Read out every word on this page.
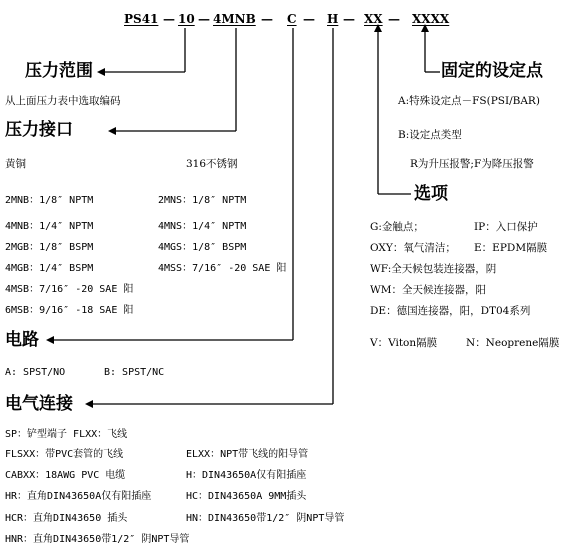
PS41 — 10 — 4MNB — C — H — XX — XXXX
压力范围
从上面压力表中选取编码
固定的设定点
A:特殊设定点－FS(PSI/BAR)
B:设定点类型
R为升压报警;F为降压报警
压力接口
黄铜	316不锈钢
2MNB：1/8″ NPTM	2MNS：1/8″ NPTM
4MNB：1/4″ NPTM	4MNS：1/4″ NPTM
2MGB：1/8″ BSPM	4MGS：1/8″ BSPM
4MGB：1/4″ BSPM	4MSS：7/16″ -20 SAE 阳
4MSB：7/16″ -20 SAE 阳
6MSB：9/16″ -18 SAE 阳
选项
G:金触点；	IP：入口保护
OXY：氧气清洁； E：EPDM隔膜
WF:全天候包装连接器，阴
WM：全天候连接器，阳
DE：德国连接器，阳，DT04系列
V：Viton隔膜	N：Neoprene隔膜
电路
A: SPST/NO	B: SPST/NC
电气连接
SP：铲型端子 FLXX：飞线
FLSXX：带PVC套管的飞线	ELXX：NPT带飞线的阳导管
CABXX：18AWG PVC 电缆	H：DIN43650A仅有阳插座
HR：直角DIN43650A仅有阳插座	HC：DIN43650A 9MM插头
HCR：直角DIN43650 插头	HN：DIN43650带1/2″ 阴NPT导管
HNR：直角DIN43650带1/2″ 阴NPT导管
